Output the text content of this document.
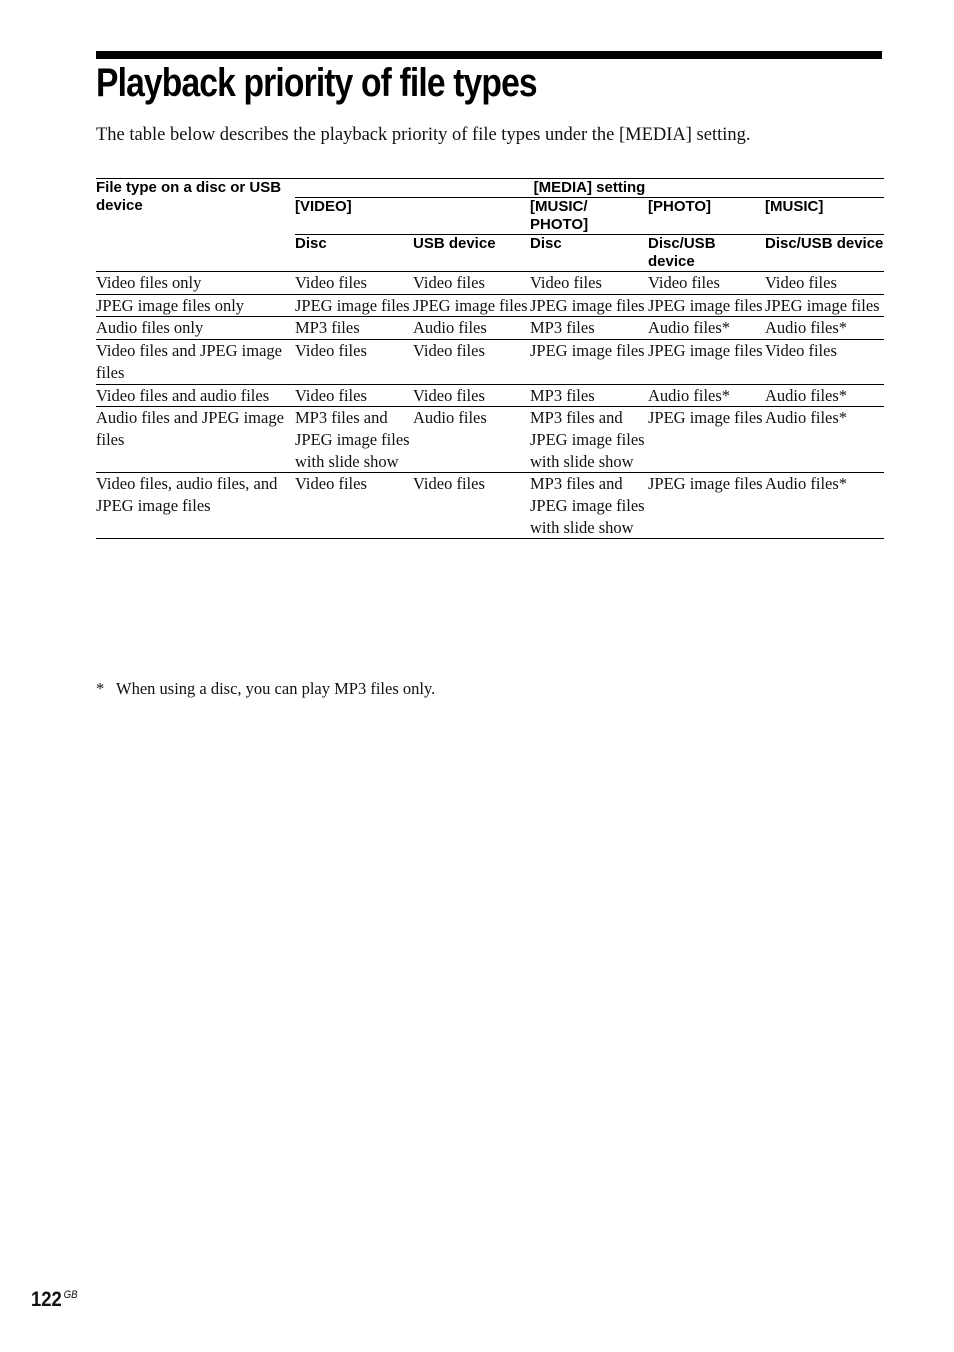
Playback priority of file types

The table below describes the playback priority of file types under the [MEDIA] setting.

File type on a disc or USB device	[MEDIA] setting				
	[VIDEO]		[MUSIC/ PHOTO]	[PHOTO]	[MUSIC]
	Disc	USB device	Disc	Disc/USB device	Disc/USB device
Video files only	Video files	Video files	Video files	Video files	Video files
JPEG image files only	JPEG image files	JPEG image files	JPEG image files	JPEG image files	JPEG image files
Audio files only	MP3 files	Audio files	MP3 files	Audio files*	Audio files*
Video files and JPEG image files	Video files	Video files	JPEG image files	JPEG image files	Video files
Video files and audio files	Video files	Video files	MP3 files	Audio files*	Audio files*
Audio files and JPEG image files	MP3 files and JPEG image files with slide show	Audio files	MP3 files and JPEG image files with slide show	JPEG image files	Audio files*
Video files, audio files, and JPEG image files	Video files	Video files	MP3 files and JPEG image files with slide show	JPEG image files	Audio files*

* When using a disc, you can play MP3 files only.

122 $^{GB}$
